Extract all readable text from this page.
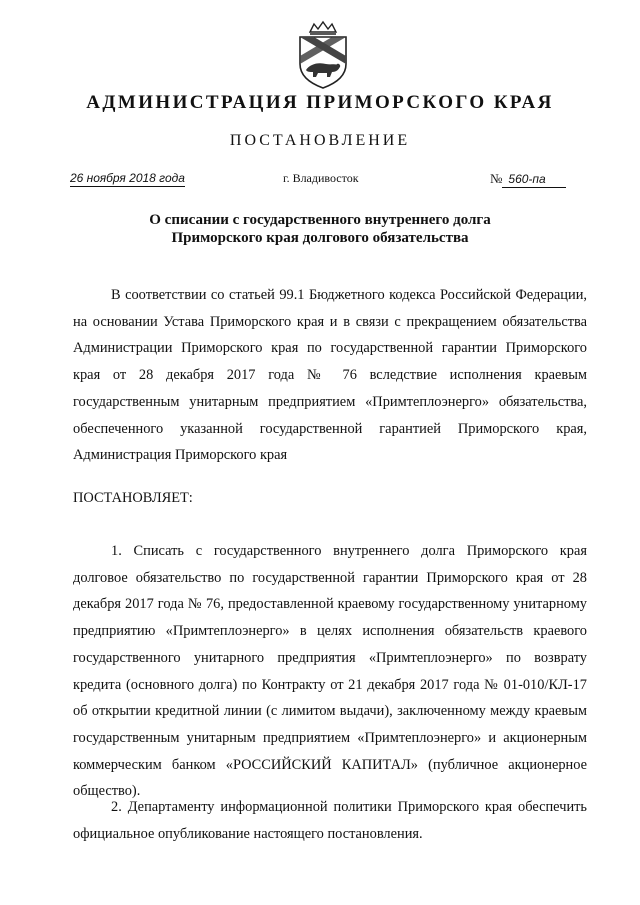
АДМИНИСТРАЦИЯ ПРИМОРСКОГО КРАЯ
ПОСТАНОВЛЕНИЕ
26 ноября 2018 года	г. Владивосток	№ 560-па
О списании с государственного внутреннего долга
Приморского края долгового обязательства

В соответствии со статьей 99.1 Бюджетного кодекса Российской Федерации, на основании Устава Приморского края и в связи с прекращением обязательства Администрации Приморского края по государственной гарантии Приморского края от 28 декабря 2017 года № 76 вследствие исполнения краевым государственным унитарным предприятием «Примтеплоэнерго» обязательства, обеспеченного указанной государственной гарантией Приморского края, Администрация Приморского края

ПОСТАНОВЛЯЕТ:

1. Списать с государственного внутреннего долга Приморского края долговое обязательство по государственной гарантии Приморского края от 28 декабря 2017 года № 76, предоставленной краевому государственному унитарному предприятию «Примтеплоэнерго» в целях исполнения обязательств краевого государственного унитарного предприятия «Примтеплоэнерго» по возврату кредита (основного долга) по Контракту от 21 декабря 2017 года № 01-010/КЛ-17 об открытии кредитной линии (с лимитом выдачи), заключенному между краевым государственным унитарным предприятием «Примтеплоэнерго» и акционерным коммерческим банком «РОССИЙСКИЙ КАПИТАЛ» (публичное акционерное общество).

2. Департаменту информационной политики Приморского края обеспечить официальное опубликование настоящего постановления.
